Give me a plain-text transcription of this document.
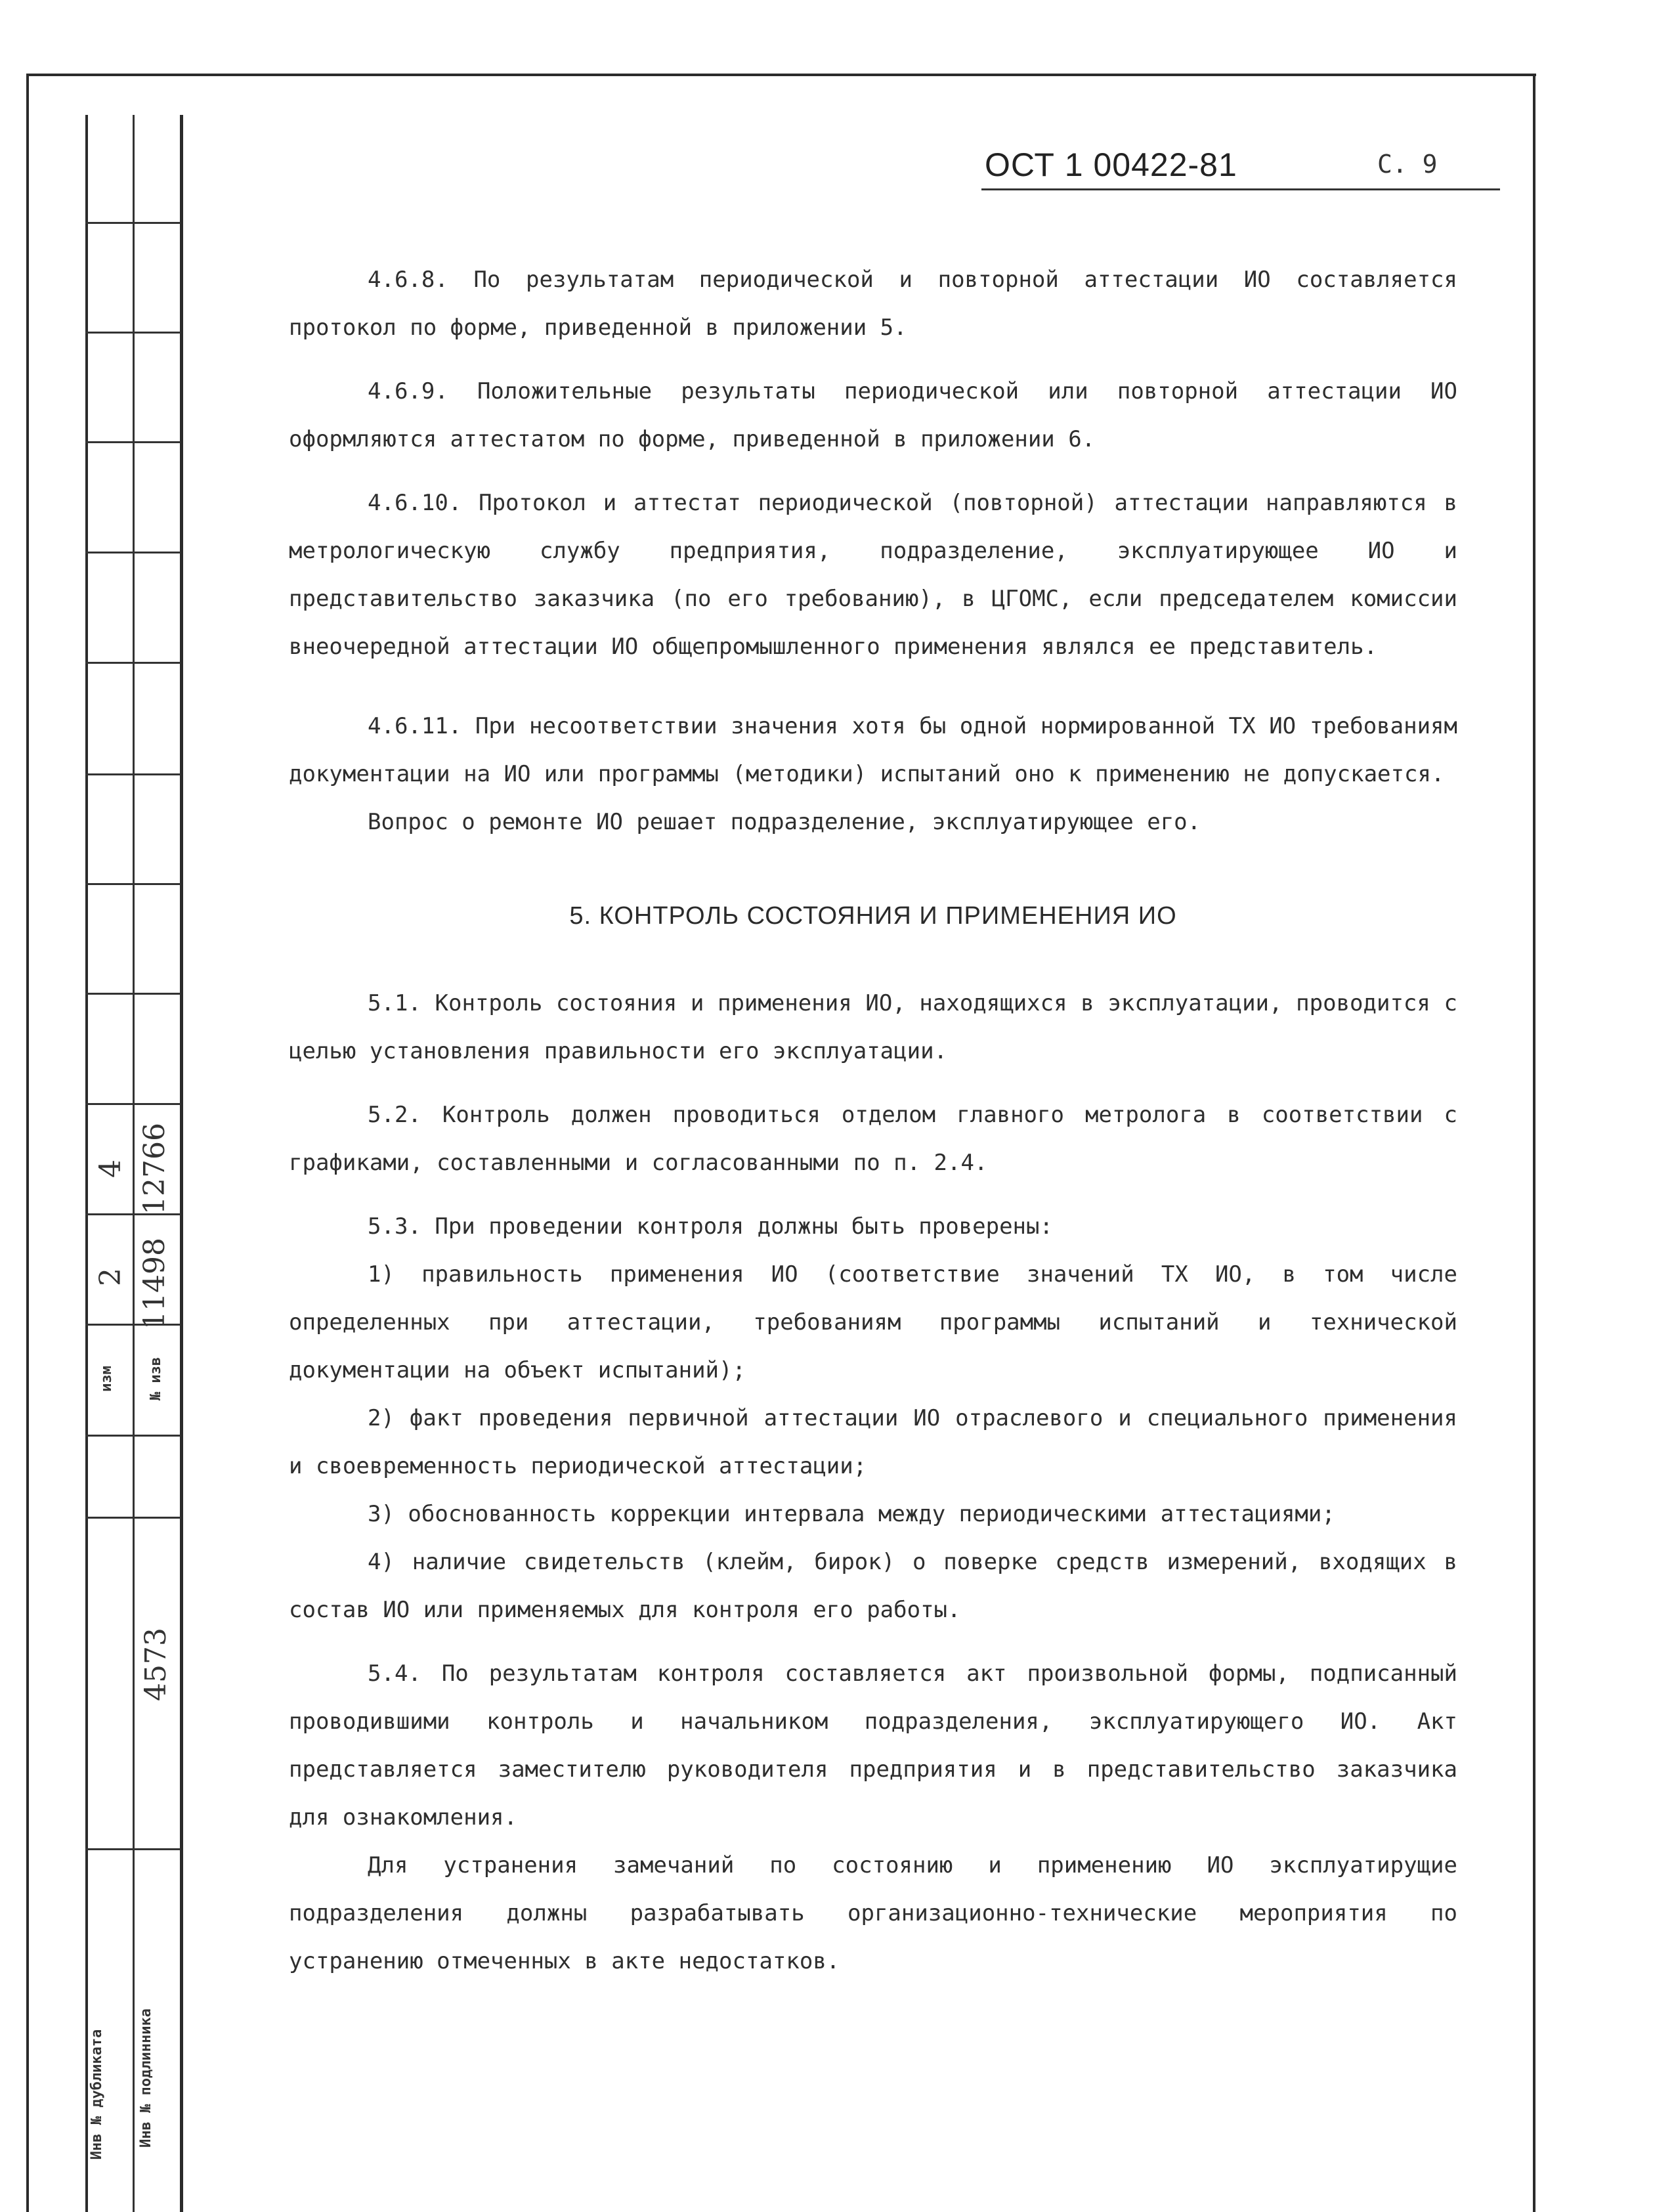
4 12766
2 11498
изм № изв
4573
Инв № дубликата Инв № подлинника
ОСТ 1 00422-81	С. 9

4.6.8. По результатам периодической и повторной аттестации ИО составляется протокол по форме, приведенной в приложении 5.

4.6.9. Положительные результаты периодической или повторной аттестации ИО оформляются аттестатом по форме, приведенной в приложении 6.

4.6.10. Протокол и аттестат периодической (повторной) аттестации направляются в метрологическую службу предприятия, подразделение, эксплуатирующее ИО и представительство заказчика (по его требованию), в ЦГОМС, если председателем комиссии внеочередной аттестации ИО общепромышленного применения являлся ее представитель.

4.6.11. При несоответствии значения хотя бы одной нормированной ТХ ИО требованиям документации на ИО или программы (методики) испытаний оно к применению не допускается.

Вопрос о ремонте ИО решает подразделение, эксплуатирующее его.

5. КОНТРОЛЬ СОСТОЯНИЯ И ПРИМЕНЕНИЯ ИО

5.1. Контроль состояния и применения ИО, находящихся в эксплуатации, проводится с целью установления правильности его эксплуатации.

5.2. Контроль должен проводиться отделом главного метролога в соответствии с графиками, составленными и согласованными по п. 2.4.

5.3. При проведении контроля должны быть проверены:

1) правильность применения ИО (соответствие значений ТХ ИО, в том числе определенных при аттестации, требованиям программы испытаний и технической документации на объект испытаний);

2) факт проведения первичной аттестации ИО отраслевого и специального применения и своевременность периодической аттестации;

3) обоснованность коррекции интервала между периодическими аттестациями;

4) наличие свидетельств (клейм, бирок) о поверке средств измерений, входящих в состав ИО или применяемых для контроля его работы.

5.4. По результатам контроля составляется акт произвольной формы, подписанный проводившими контроль и начальником подразделения, эксплуатирующего ИО. Акт представляется заместителю руководителя предприятия и в представительство заказчика для ознакомления.

Для устранения замечаний по состоянию и применению ИО эксплуатирущие подразделения должны разрабатывать организационно-технические мероприятия по устранению отмеченных в акте недостатков.
